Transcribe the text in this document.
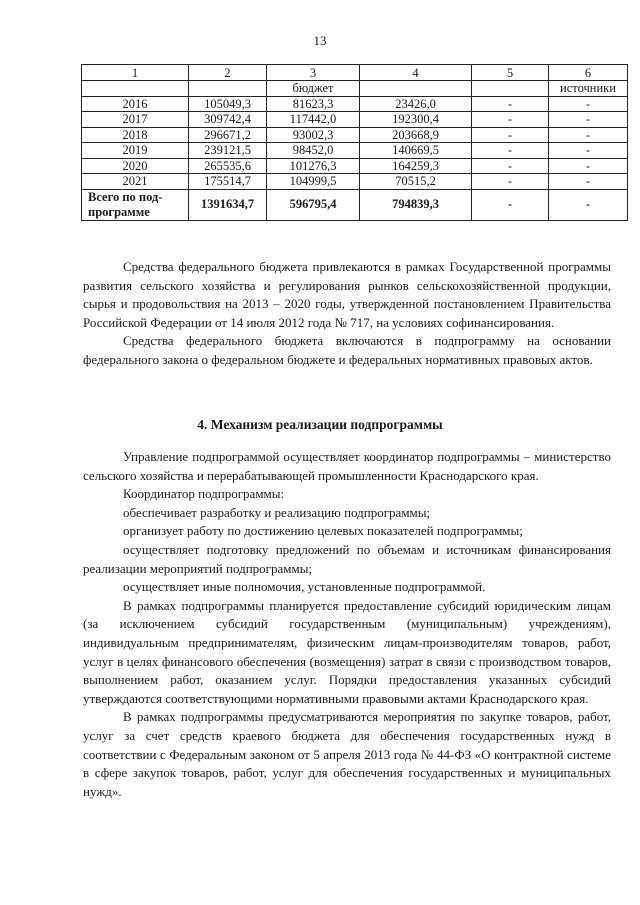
13
1	2	3	4	5	6
		бюджет			источники
2016	105049,3	81623,3	23426,0	-	-
2017	309742,4	117442,0	192300,4	-	-
2018	296671,2	93002,3	203668,9	-	-
2019	239121,5	98452,0	140669,5	-	-
2020	265535,6	101276,3	164259,3	-	-
2021	175514,7	104999,5	70515,2	-	-
Всего по под-программе	1391634,7	596795,4	794839,3	-	-

Средства федерального бюджета привлекаются в рамках Государственной программы развития сельского хозяйства и регулирования рынков сельскохозяйственной продукции, сырья и продовольствия на 2013 – 2020 годы, утвержденной постановлением Правительства Российской Федерации от 14 июля 2012 года № 717, на условиях софинансирования.

Средства федерального бюджета включаются в подпрограмму на основании федерального закона о федеральном бюджете и федеральных нормативных правовых актов.

4. Механизм реализации подпрограммы

Управление подпрограммой осуществляет координатор подпрограммы – министерство сельского хозяйства и перерабатывающей промышленности Краснодарского края.

Координатор подпрограммы:

обеспечивает разработку и реализацию подпрограммы;

организует работу по достижению целевых показателей подпрограммы;

осуществляет подготовку предложений по объемам и источникам финансирования реализации мероприятий подпрограммы;

осуществляет иные полномочия, установленные подпрограммой.

В рамках подпрограммы планируется предоставление субсидий юридическим лицам (за исключением субсидий государственным (муниципальным) учреждениям), индивидуальным предпринимателям, физическим лицам-производителям товаров, работ, услуг в целях финансового обеспечения (возмещения) затрат в связи с производством товаров, выполнением работ, оказанием услуг. Порядки предоставления указанных субсидий утверждаются соответствующими нормативными правовыми актами Краснодарского края.

В рамках подпрограммы предусматриваются мероприятия по закупке товаров, работ, услуг за счет средств краевого бюджета для обеспечения государственных нужд в соответствии с Федеральным законом от 5 апреля 2013 года № 44-ФЗ «О контрактной системе в сфере закупок товаров, работ, услуг для обеспечения государственных и муниципальных нужд».
